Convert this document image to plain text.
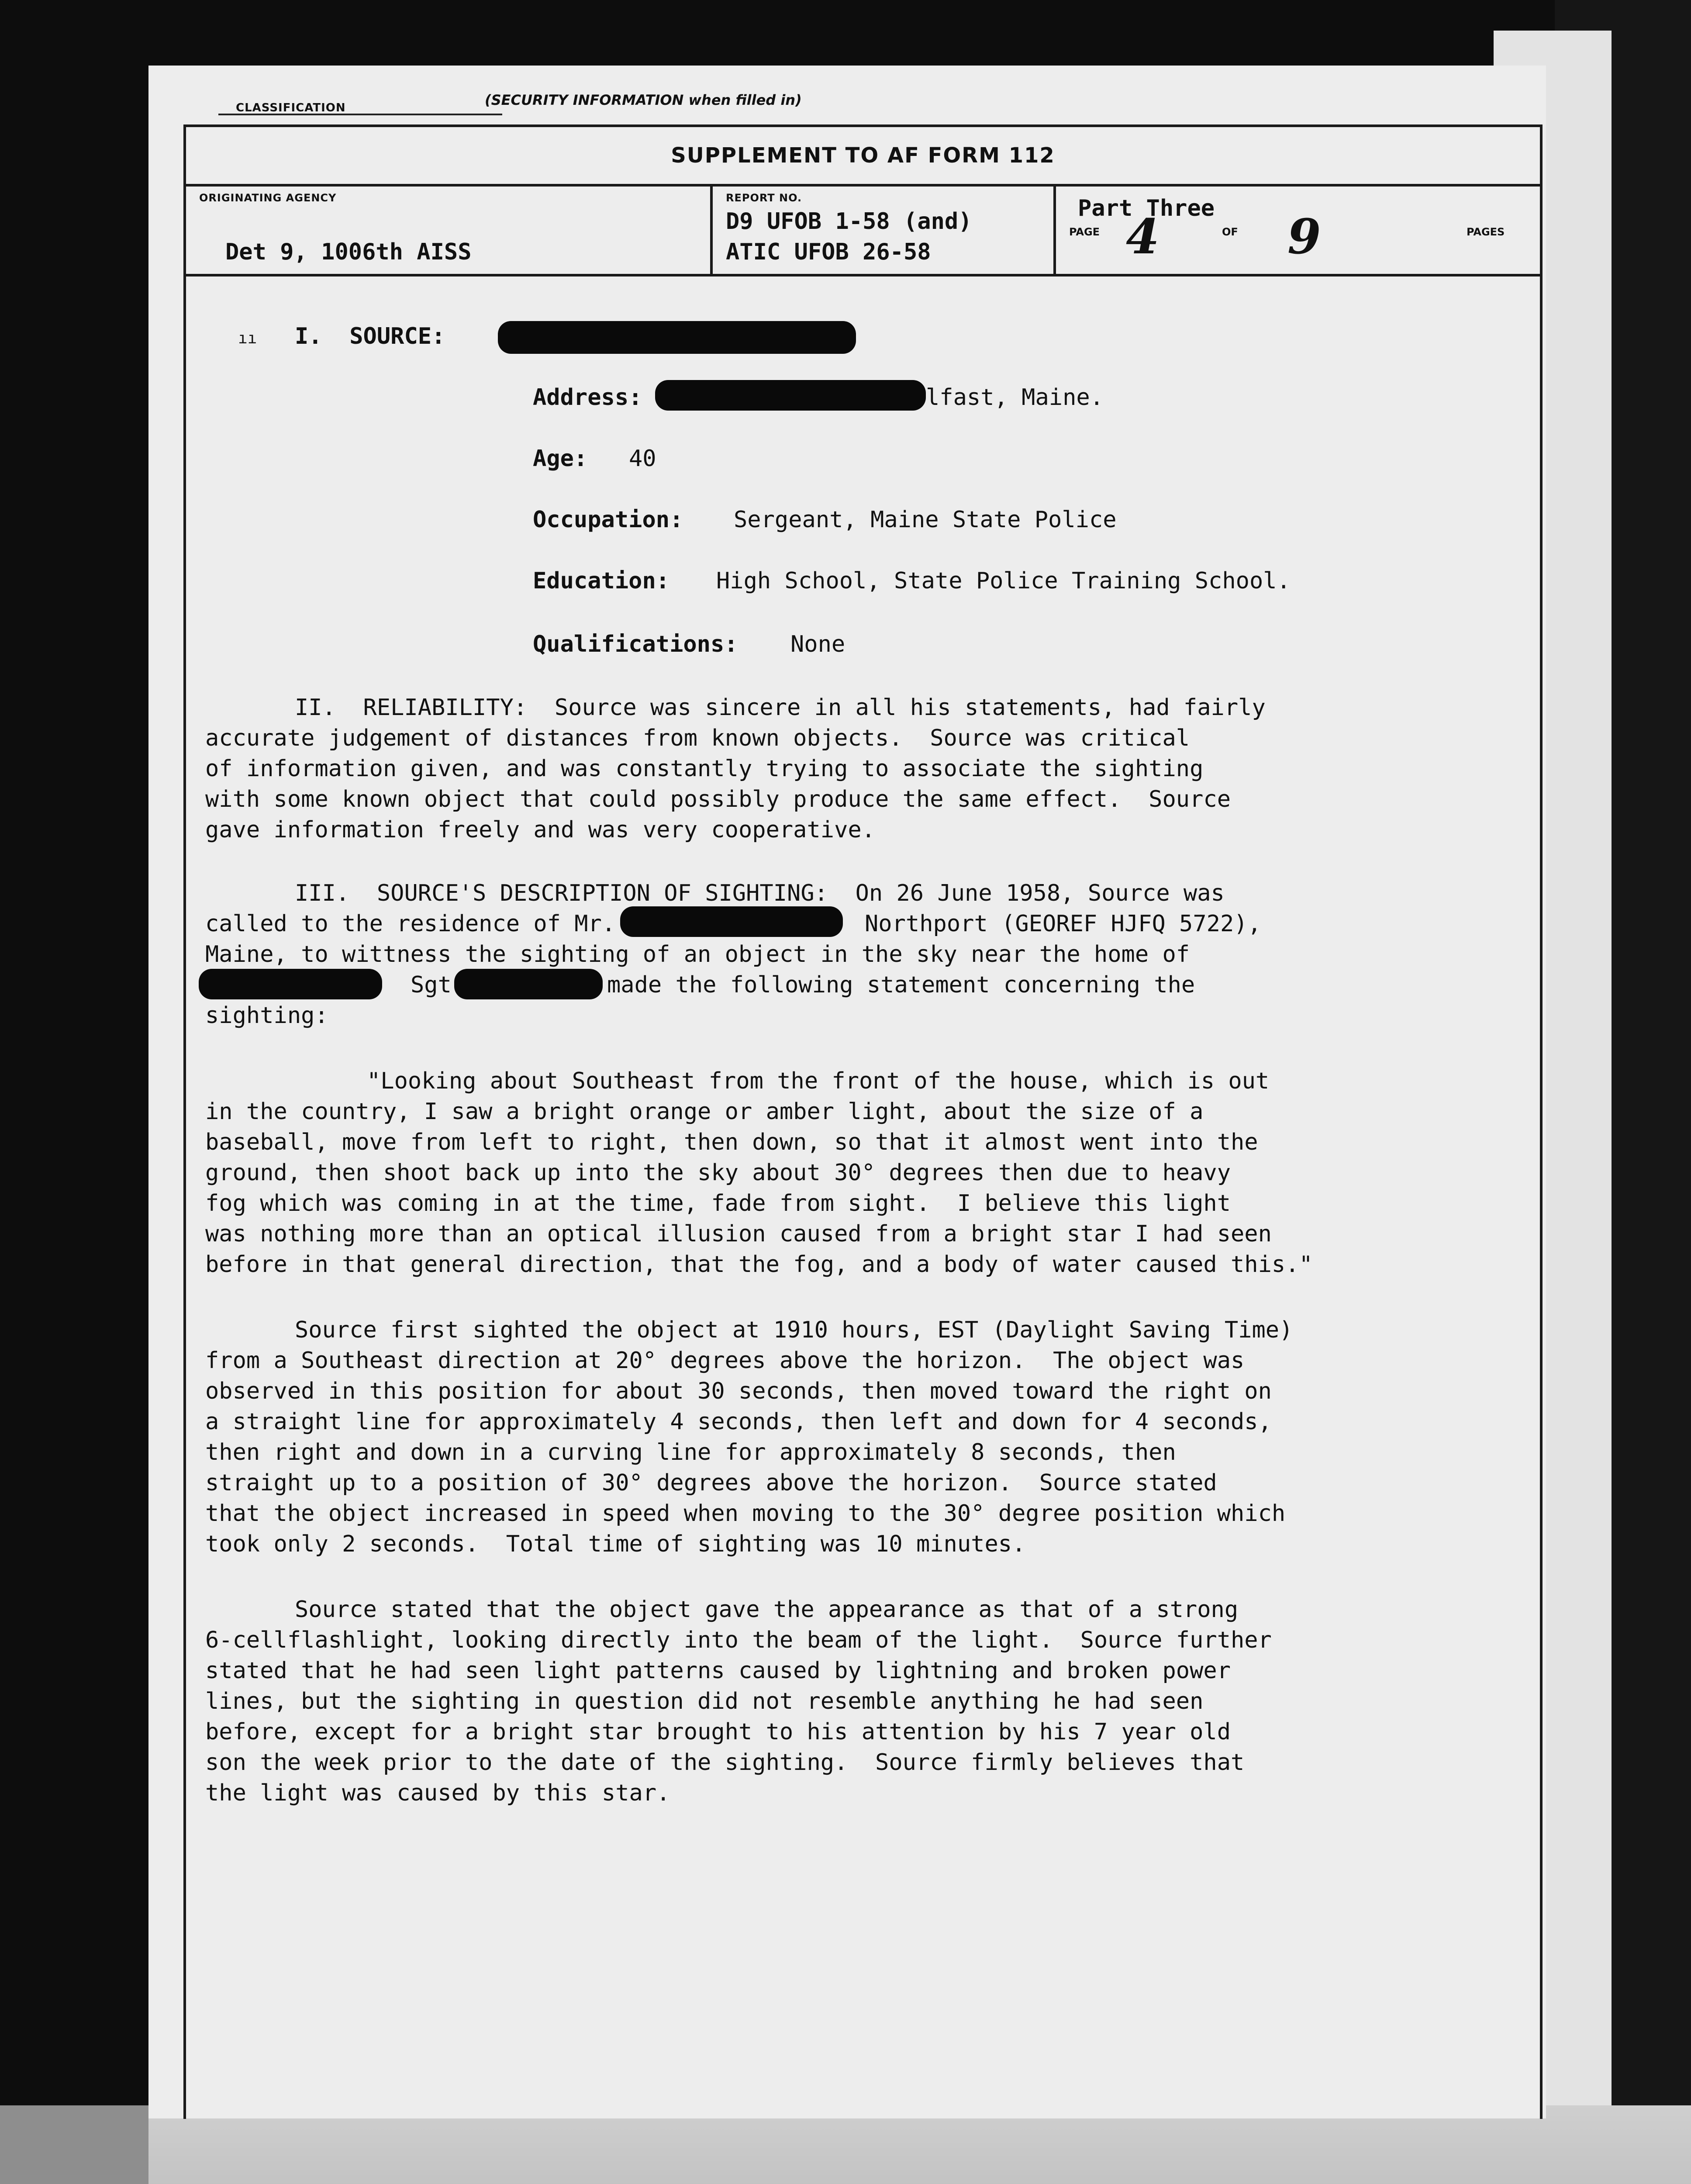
CLASSIFICATION	(SECURITY INFORMATION when filled in)
SUPPLEMENT TO AF FORM 112
ORIGINATING AGENCY
Det 9, 1006th AISS
REPORT NO.
D9 UFOB 1-58 (and)
ATIC UFOB 26-58
Part Three
PAGE 4	OF 9	PAGES
ıı I.  SOURCE:
Address:	lfast, Maine.
Age: 40
Occupation: Sergeant, Maine State Police
Education: High School, State Police Training School.
Qualifications: None
II.  RELIABILITY:  Source was sincere in all his statements, had fairly
accurate judgement of distances from known objects.  Source was critical
of information given, and was constantly trying to associate the sighting
with some known object that could possibly produce the same effect.  Source
gave information freely and was very cooperative.
III.  SOURCE'S DESCRIPTION OF SIGHTING:  On 26 June 1958, Source was
called to the residence of Mr.	Northport (GEOREF HJFQ 5722),
Maine, to wittness the sighting of an object in the sky near the home of
Sgt	made the following statement concerning the
sighting:
"Looking about Southeast from the front of the house, which is out
in the country, I saw a bright orange or amber light, about the size of a
baseball, move from left to right, then down, so that it almost went into the
ground, then shoot back up into the sky about 30° degrees then due to heavy
fog which was coming in at the time, fade from sight.  I believe this light
was nothing more than an optical illusion caused from a bright star I had seen
before in that general direction, that the fog, and a body of water caused this."
Source first sighted the object at 1910 hours, EST (Daylight Saving Time)
from a Southeast direction at 20° degrees above the horizon.  The object was
observed in this position for about 30 seconds, then moved toward the right on
a straight line for approximately 4 seconds, then left and down for 4 seconds,
then right and down in a curving line for approximately 8 seconds, then
straight up to a position of 30° degrees above the horizon.  Source stated
that the object increased in speed when moving to the 30° degree position which
took only 2 seconds.  Total time of sighting was 10 minutes.
Source stated that the object gave the appearance as that of a strong
6-cellflashlight, looking directly into the beam of the light.  Source further
stated that he had seen light patterns caused by lightning and broken power
lines, but the sighting in question did not resemble anything he had seen
before, except for a bright star brought to his attention by his 7 year old
son the week prior to the date of the sighting.  Source firmly believes that
the light was caused by this star.
